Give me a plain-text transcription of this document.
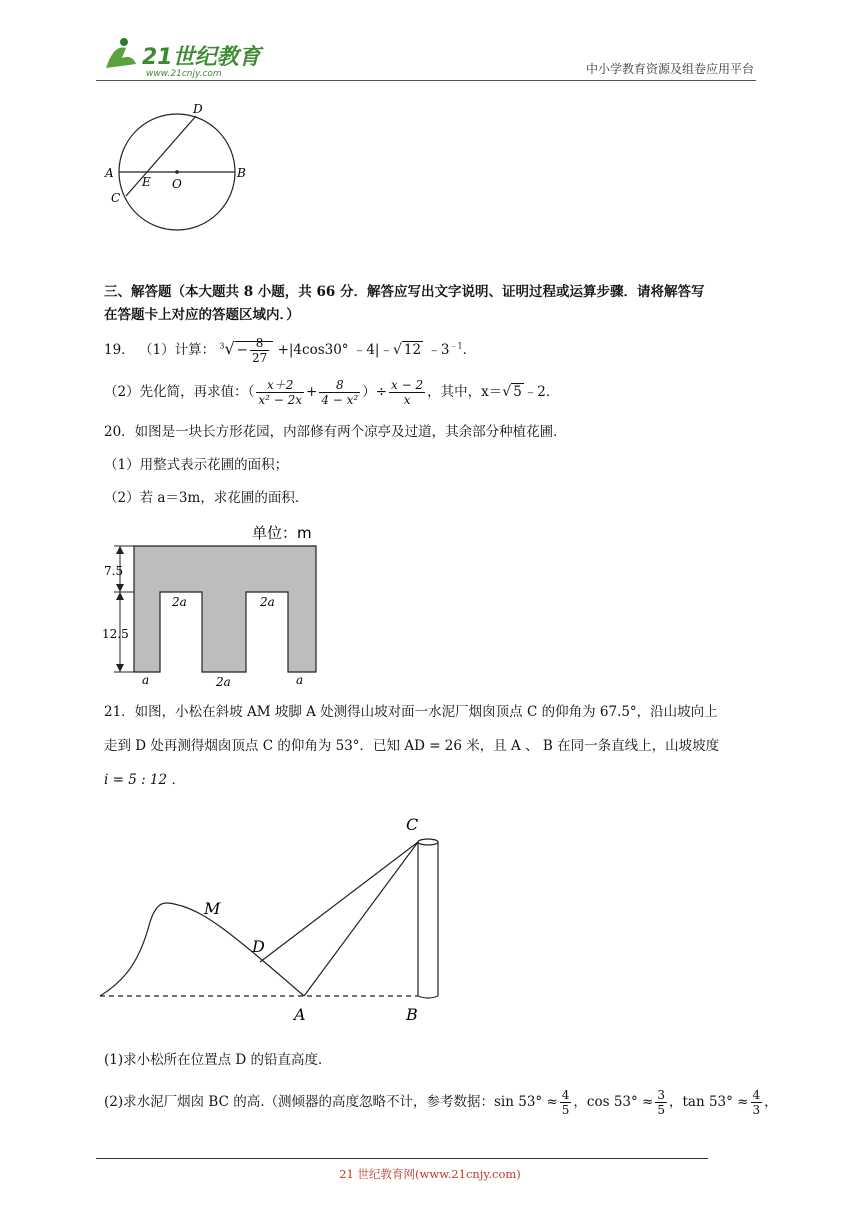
21世纪教育
www.21cnjy.com	中小学教育资源及组卷应用平台
A	B
C
D
E O
三、解答题（本大题共 8 小题，共 66 分．解答应写出文字说明、证明过程或运算步骤．请将解答写
在答题卡上对应的答题区域内．）
19． （1）计算： $^3√ - \frac{8}{27} +|4\cos 30^\circ$ ﹣4|﹣√ 12 $﹣3^{﹣1}$．
（2）先化简，再求值：（ $\frac{x+2}{\text{x² − 2x}} + \frac{8}{\text{4 − x²}}$ ）÷ $\frac{x - 2}{x}$ ，其中，x＝√ 5 ﹣2．
20．如图是一块长方形花园，内部修有两个凉亭及过道，其余部分种植花圃．
（1）用整式表示花圃的面积；
（2）若 a＝3m，求花圃的面积．
单位：m
7.5
12.5
2a	2a
a	2a	a
21．如图，小松在斜坡 AM 坡脚 A 处测得山坡对面一水泥厂烟囱顶点 C 的仰角为 67.5°，沿山坡向上
走到 D 处再测得烟囱顶点 C 的仰角为 53°．已知 AD = 26 米，且 A 、 B 在同一条直线上，山坡坡度
i = 5 : 12 ．
C
M
D
A	B
(1)求小松所在位置点 D 的铅直高度．
(2)求水泥厂烟囱 BC 的高.（测倾器的高度忽略不计，参考数据：$\sin 53^\circ \approx \frac{4}{5}$ ，$\cos 53^\circ \approx \frac{3}{5}$ ，$\tan 53^\circ \approx \frac{4}{3}$ ，
21 世纪教育网(www.21cnjy.com)
